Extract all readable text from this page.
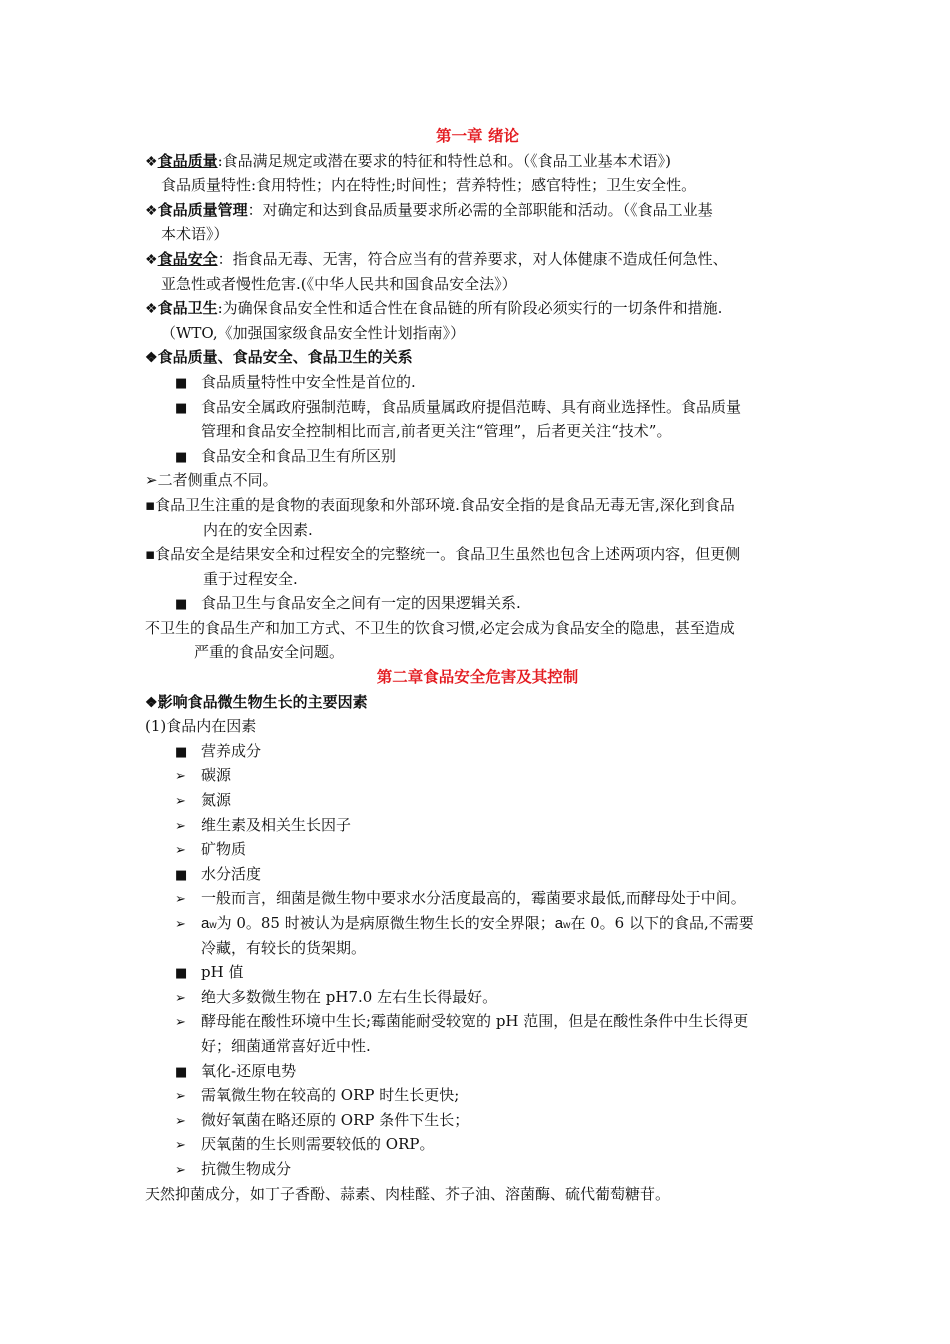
第一章 绪论
❖食品质量:食品满足规定或潜在要求的特征和特性总和。（《食品工业基本术语》)
食品质量特性:食用特性；内在特性;时间性；营养特性；感官特性；卫生安全性。
❖食品质量管理：对确定和达到食品质量要求所必需的全部职能和活动。（《食品工业基
本术语》）
❖食品安全：指食品无毒、无害，符合应当有的营养要求，对人体健康不造成任何急性、
亚急性或者慢性危害.(《中华人民共和国食品安全法》）
❖食品卫生:为确保食品安全性和适合性在食品链的所有阶段必须实行的一切条件和措施.
（WTO,《加强国家级食品安全性计划指南》）
❖食品质量、食品安全、食品卫生的关系
■ 食品质量特性中安全性是首位的.
■ 食品安全属政府强制范畴，食品质量属政府提倡范畴、具有商业选择性。食品质量
管理和食品安全控制相比而言,前者更关注“管理”，后者更关注“技术”。
■ 食品安全和食品卫生有所区别
➢二者侧重点不同。
▪食品卫生注重的是食物的表面现象和外部环境.食品安全指的是食品无毒无害,深化到食品
内在的安全因素.
▪食品安全是结果安全和过程安全的完整统一。食品卫生虽然也包含上述两项内容，但更侧
重于过程安全.
■ 食品卫生与食品安全之间有一定的因果逻辑关系.
不卫生的食品生产和加工方式、不卫生的饮食习惯,必定会成为食品安全的隐患，甚至造成
严重的食品安全问题。
第二章食品安全危害及其控制
❖影响食品微生物生长的主要因素
(1)食品内在因素
■ 营养成分
➢ 碳源
➢ 氮源
➢ 维生素及相关生长因子
➢ 矿物质
■ 水分活度
➢ 一般而言，细菌是微生物中要求水分活度最高的，霉菌要求最低,而酵母处于中间。
➢ aw为 0。85 时被认为是病原微生物生长的安全界限；aw在 0。6 以下的食品,不需要
冷藏，有较长的货架期。
■ pH 值
➢ 绝大多数微生物在 pH7.0 左右生长得最好。
➢ 酵母能在酸性环境中生长;霉菌能耐受较宽的 pH 范围，但是在酸性条件中生长得更
好；细菌通常喜好近中性.
■ 氧化-还原电势
➢ 需氧微生物在较高的 ORP 时生长更快;
➢ 微好氧菌在略还原的 ORP 条件下生长；
➢ 厌氧菌的生长则需要较低的 ORP。
➢ 抗微生物成分
天然抑菌成分，如丁子香酚、蒜素、肉桂醛、芥子油、溶菌酶、硫代葡萄糖苷。
